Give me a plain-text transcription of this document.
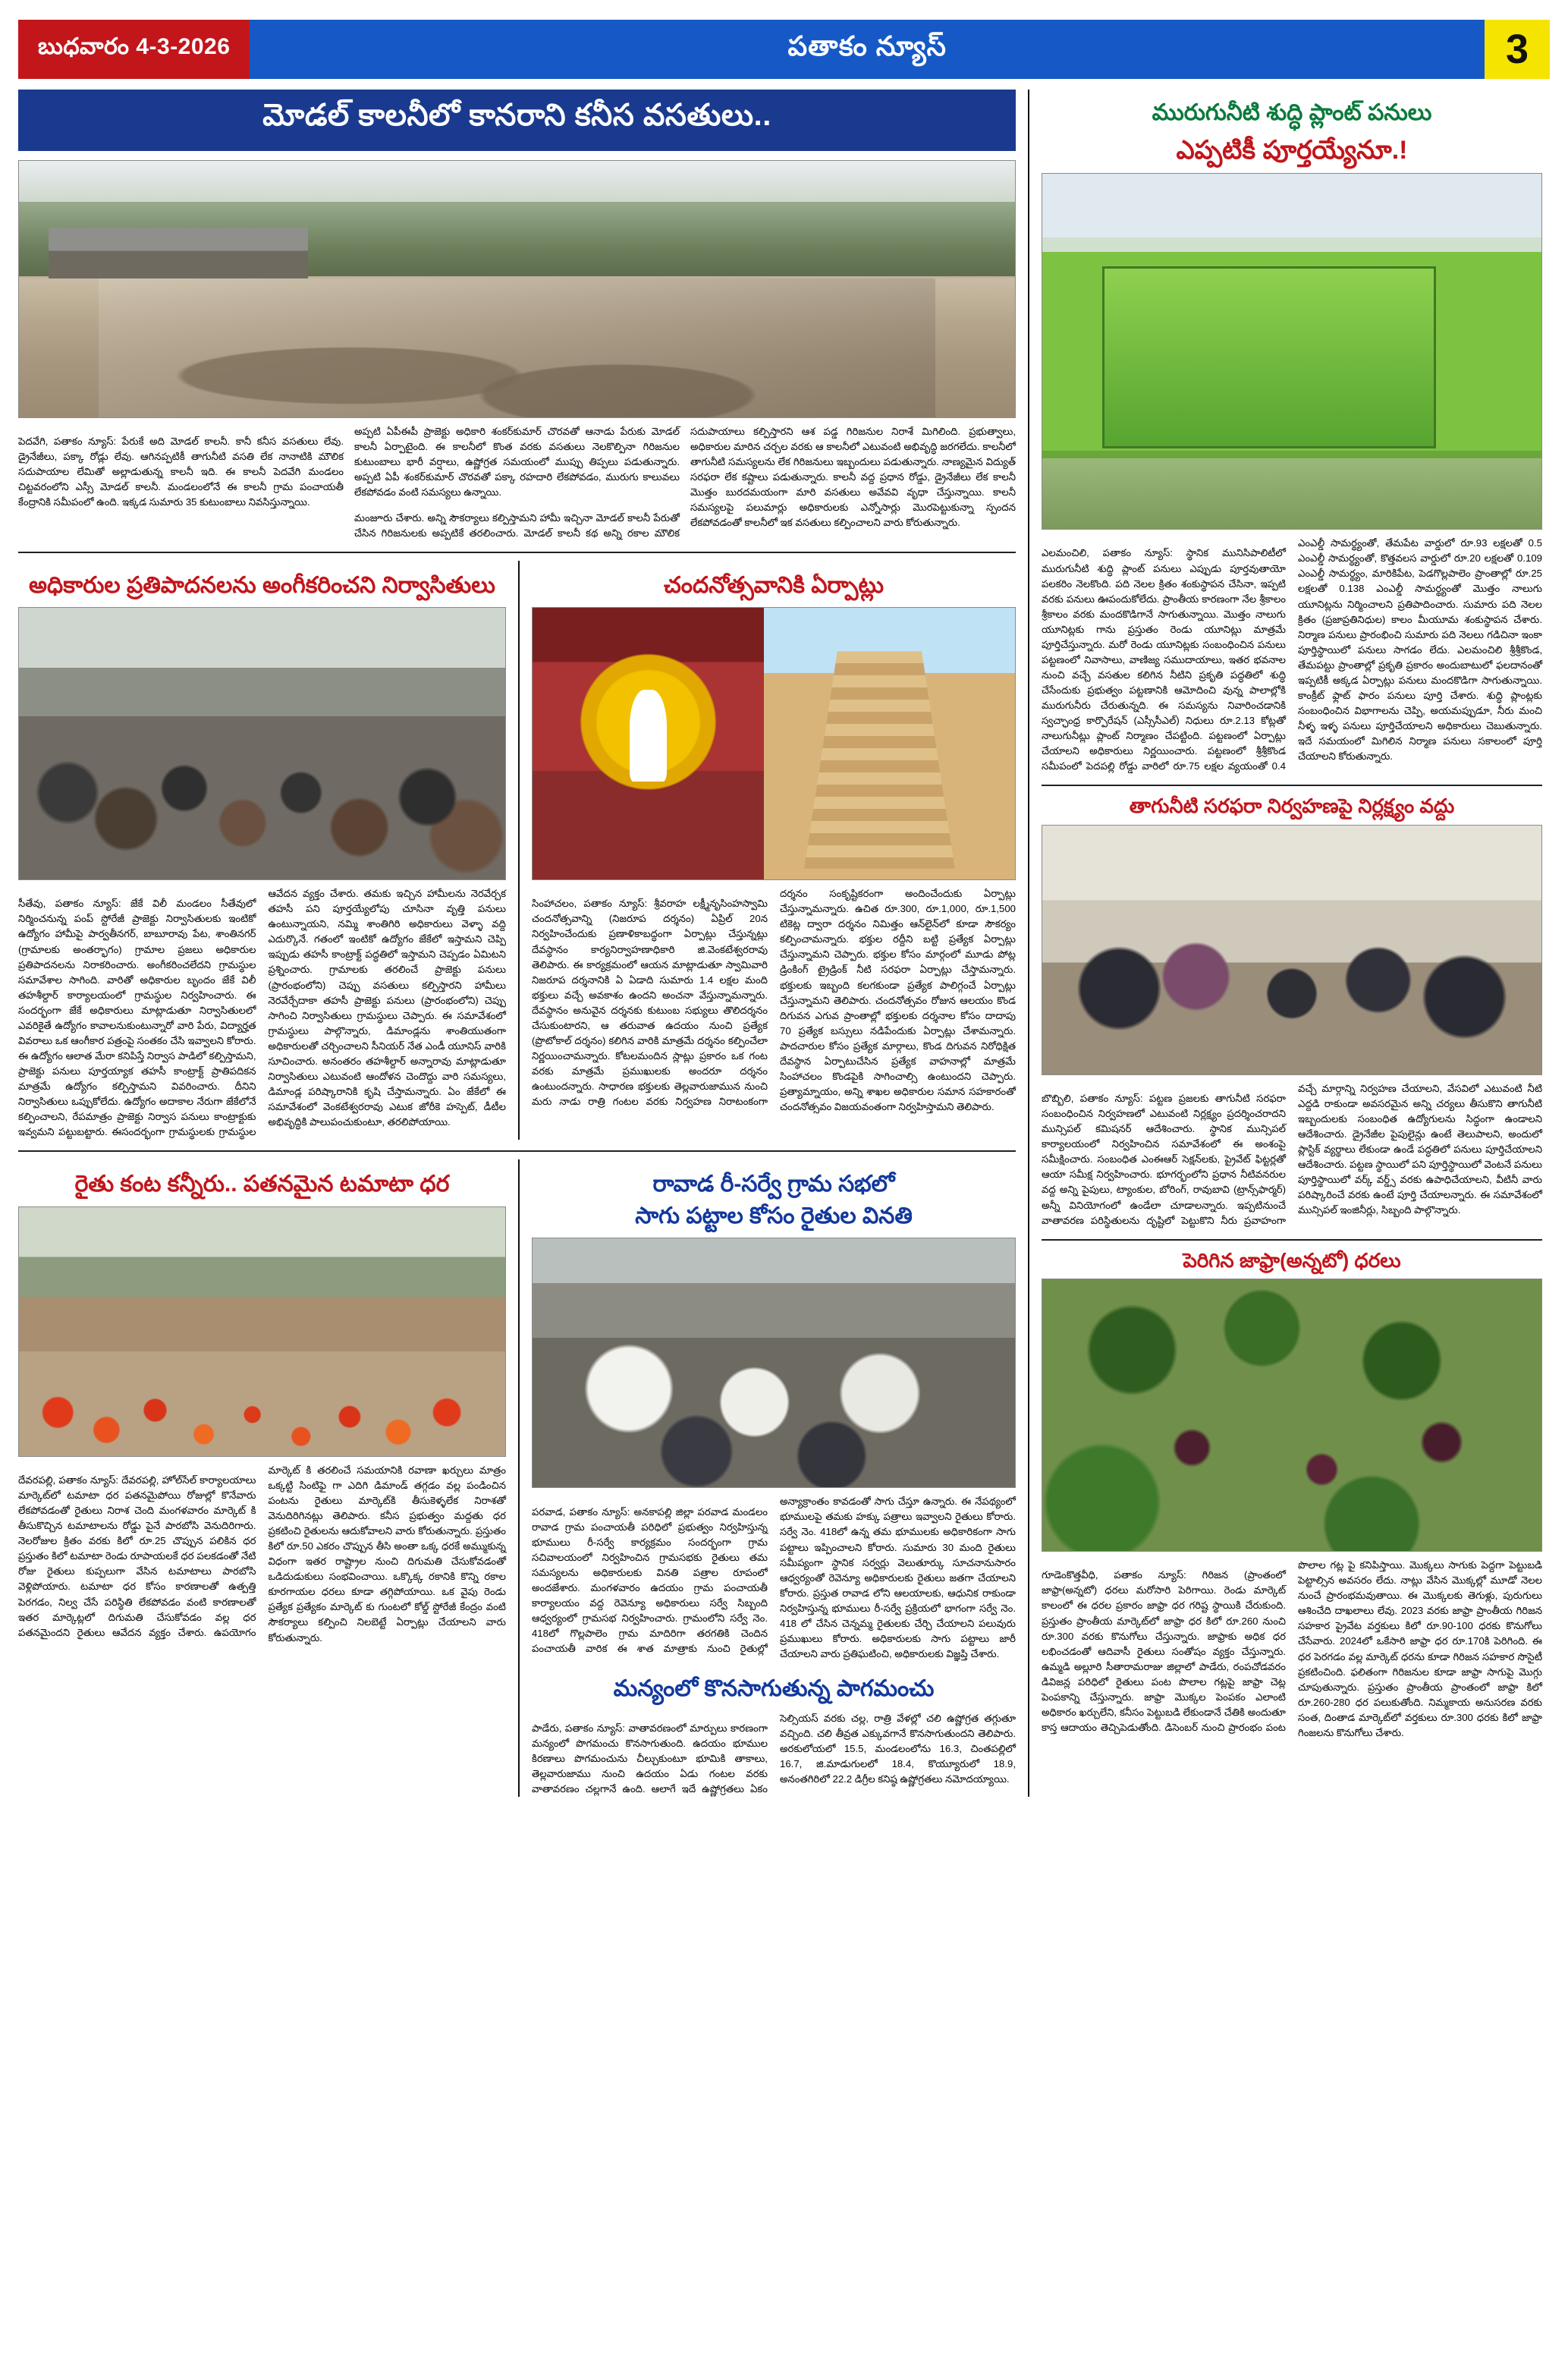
బుధవారం 4-3-2026	పతాకం న్యూస్	3
మోడల్ కాలనీలో కానరాని కనీస వసతులు..

పెదవేగి, పతాకం న్యూస్: పేరుకే అది మోడల్ కాలనీ. కానీ కనీస వసతులు లేవు. డ్రైనేజీలు, పక్కా రోడ్లు లేవు. ఆగినప్పటికీ తాగునీటి వసతి లేక నానాటికి మౌలిక సదుపాయాల లేమితో అల్లాడుతున్న కాలనీ ఇది. ఈ కాలనీ పెదవేగి మండలం చిట్టవరంలోని ఎస్సీ మోడల్ కాలనీ. మండలంలోనే ఈ కాలనీ గ్రామ పంచాయతీ కేంద్రానికి సమీపంలో ఉంది. ఇక్కడ సుమారు 35 కుటుంబాలు నివసిస్తున్నాయి.

అప్పటి ఏపీఈపీ ప్రాజెక్టు అధికారి శంకర్‌కుమార్ చొరవతో ఆనాడు పేరుకు మోడల్ కాలనీ ఏర్పాటైంది. ఈ కాలనీలో కొంత వరకు వసతులు నెలకొల్పినా గిరిజనుల కుటుంబాలు భారీ వర్షాలు, ఉష్ణోగ్రత సమయంలో ముప్పు తిప్పలు పడుతున్నారు. అప్పటి ఏపీ శంకర్‌కుమార్ చొరవతో పక్కా రహదారి లేకపోవడం, మురుగు కాలువలు లేకపోవడం వంటి సమస్యలు ఉన్నాయి.

మంజూరు చేశారు. అన్ని సౌకర్యాలు కల్పిస్తామని హామీ ఇచ్చినా మోడల్ కాలనీ పేరుతో చేసిన గిరిజనులకు అప్పటికే తరలించారు. మోడల్ కాలనీ కథ అన్ని రకాల మౌలిక సదుపాయాలు కల్పిస్తారని ఆశ పడ్డ గిరిజనుల నిరాశే మిగిలింది. ప్రభుత్వాలు, అధికారుల మారిన చర్చల వరకు ఆ కాలనీలో ఎటువంటి అభివృద్ధి జరగలేదు. కాలనీలో తాగునీటి సమస్యలను లేక గిరిజనులు ఇబ్బందులు పడుతున్నారు. నాణ్యమైన విద్యుత్ సరఫరా లేక కష్టాలు పడుతున్నారు. కాలనీ వద్ద ప్రధాన రోడ్డు, డ్రైనేజీలు లేక కాలనీ మొత్తం బురదమయంగా మారి వసతులు అవేవవి వృధా చేస్తున్నాయి. కాలనీ సమస్యలపై పలుమార్లు అధికారులకు ఎన్నోసార్లు మొరపెట్టుకున్నా స్పందన లేకపోవడంతో కాలనీలో ఇక వసతులు కల్పించాలని వారు కోరుతున్నారు.

అధికారుల ప్రతిపాదనలను అంగీకరించని నిర్వాసితులు

సీతేవు, పతాకం న్యూస్: జేకే విలీ మండలం సీతేవులో నిర్మించనున్న పంప్ స్టోరేజీ ప్రాజెక్టు నిర్వాసితులకు ఇంటికో ఉద్యోగం హామీపై పార్వతీనగర్, బాబూరావు పేట, శాంతినగర్ (గ్రామాలకు అంతర్భాగం) గ్రామాల ప్రజలు అధికారుల ప్రతిపాదనలను నిరాకరించారు. అంగీకరించలేదని గ్రామస్థుల సమావేశాల సాగింది. వారితో అధికారుల బృందం జేకే విలీ తహశీల్దార్ కార్యాలయంలో గ్రామస్థుల నిర్వహించారు. ఈ సందర్భంగా జేకే అధికారులు మాట్లాడుతూ నిర్వాసితులలో ఎవరికైతే ఉద్యోగం కావాలనుకుంటున్నారో వారి పేరు, విద్యార్హత వివరాలు ఒక ఆంగీకార పత్రంపై సంతకం చేసి ఇవ్వాలని కోరారు. ఈ ఉద్యోగం ఆలాత మేరా కనిపిస్తే నిర్వాస పాడిలో కల్పిస్తామని, ప్రాజెక్టు పనులు పూర్తయ్యాక తహసీ కాంట్రాక్ట్ ప్రాతిపదికన మాత్రమే ఉద్యోగం కల్పిస్తామని వివరించారు. దీనిని నిర్వాసితులు ఒప్పుకోలేదు. ఉద్యోగం అదాకాల నేరుగా జేకేలోనే కల్పించాలని, రేపమాత్రం ప్రాజెక్టు నిర్వాస పనులు కాంట్రాక్టుకు ఇవ్వమని పట్టుబట్టారు. ఈసందర్భంగా గ్రామస్థులకు గ్రామస్థుల ఆవేదన వ్యక్తం చేశారు. తమకు ఇచ్చిన హామీలను నెరవేర్చక తహసీ పని పూర్తయ్యేలోపు చూసినా వృత్తి పనులు ఉంటున్నాయని, నమ్మి శాంతిగిరి అధికారులు వెళ్ళా వద్ది ఎదుర్కొనే. గతంలో ఇంటికో ఉద్యోగం జేకేలో ఇస్తామని చెప్పి ఇప్పుడు తహసీ కాంట్రాక్ట్ పద్ధతిలో ఇస్తామని చెప్పడం ఏమిటని ప్రశ్నించారు. గ్రామాలకు తరలించే ప్రాజెక్టు పనులు (ప్రారంభంలోని) చెప్పు వసతులు కల్పిస్తారని హామీలు నెరవేర్చేదాకా తహసీ ప్రాజెక్టు పనులు (ప్రారంభంలోని) చెప్పు సాగించి నిర్వాసితులు గ్రామస్థులు చెప్పారు. ఈ సమావేశంలో గ్రామస్థులు పాల్గొన్నారు, డిమాండ్లను శాంతియుతంగా అధికారులతో చర్చించాలని సీనియర్ నేత ఎండీ యూనిస్ వారికి సూచించారు. అనంతరం తహశీల్దార్ అన్నారావు మాట్లాడుతూ నిర్వాసితులు ఎటువంటి ఆందోళన చెందొద్దు వారి సమస్యలు, డిమాండ్ల పరిష్కారానికి కృషి చేస్తామన్నారు. ఏం జేకేలో ఈ సమావేశంలో వెంకటేశ్వరరావు ఎటుక జోరీకె హస్పెట్, డీటీల అభివృద్ధికి పాలుపంచుకుంటూ, తరలిపోయాయి.

చందనోత్సవానికి ఏర్పాట్లు

సింహాచలం, పతాకం న్యూస్: శ్రీవరాహ లక్ష్మీనృసింహస్వామి చందనోత్సవాన్ని (నిజరూప దర్శనం) ఏప్రిల్ 20న నిర్వహించేందుకు ప్రణాళికాబద్ధంగా ఏర్పాట్లు చేస్తున్నట్లు దేవస్థానం కార్యనిర్వాహణాధికారి జి.వెంకటేశ్వరరావు తెలిపారు. ఈ కార్యక్రమంలో ఆయన మాట్లాడుతూ స్వామివారి నిజరూప దర్శనానికి ఏ ఏడాది సుమారు 1.4 లక్షల మంది భక్తులు వచ్చే అవకాశం ఉందని అంచనా వేస్తున్నామన్నారు. దేవస్థానం అనువైన దర్శనకు కుటుంబ సభ్యులు తొలిదర్శనం చేసుకుంటారని, ఆ తరువాత ఉదయం నుంచి ప్రత్యేక (ప్రొటోకాల్ దర్శనం) కలిగిన వారికి మాత్రమే దర్శనం కల్పించేలా నిర్ణయించామన్నారు. కోటలమందిన స్లాట్లు ప్రకారం ఒక గంట వరకు మాత్రమే ప్రముఖులకు అందరూ దర్శనం ఉంటుందన్నారు. సాధారణ భక్తులకు తెల్లవారుజామున నుంచి మరు నాడు రాత్రి గంటల వరకు నిర్వహణ నిరాటంకంగా దర్శనం సంకృష్టికరంగా అందించేందుకు ఏర్పాట్లు చేస్తున్నామన్నారు. ఉచిత రూ.300, రూ.1,000, రూ.1,500 టికెట్ల ద్వారా దర్శనం నిమిత్తం ఆన్‌లైన్‌లో కూడా సౌకర్యం కల్పించామన్నారు. భక్తుల రద్దీని బట్టి ప్రత్యేక ఏర్పాట్లు చేస్తున్నామని చెప్పారు. భక్తుల కోసం మార్గంలో మూడు పోట్ల డ్రింకింగ్ ట్రైడ్రింక్ నీటి సరఫరా ఏర్పాట్లు చేస్తామన్నారు. భక్తులకు ఇబ్బంది కలగకుండా ప్రత్యేక పాలిగ్గంచే ఏర్పాట్లు చేస్తున్నామని తెలిపారు. చందనోత్సవం రోజున ఆలయం కొండ దిగువన ఎగువ ప్రాంతాల్లో భక్తులకు దర్శనాల కోసం దాదాపు 70 ప్రత్యేక బస్సులు నడిపేందుకు ఏర్పాట్లు చేశామన్నారు. పాదచారుల కోసం ప్రత్యేక మార్గాలు, కొండ దిగువన నిరోధిక్షిత దేవస్థాన ఏర్పాటుచేసిన ప్రత్యేక వాహనాల్లో మాత్రమే సింహాచలం కొండపైకి సాగించాల్సి ఉంటుందని చెప్పారు. ప్రత్యామ్నాయం, అన్ని శాఖల అధికారుల సమాన సహకారంతో చందనోత్సవం విజయవంతంగా నిర్వహిస్తామని తెలిపారు.

రైతు కంట కన్నీరు.. పతనమైన టమాటా ధర

దేవరపల్లి, పతాకం న్యూస్: దేవరపల్లి, హోల్‌సేల్ కార్యాలయాలు మార్కెట్‌లో టమాటా ధర పతనమైపోయి రోజుల్లో కొనేవారు లేకపోవడంతో రైతులు నిరాశ చెంది మంగళవారం మార్కెట్ కి తీసుకొచ్చిన టమాటాలను రోడ్డు పైనే పారబోసి వెనుదిరిగారు. నెలరోజుల క్రితం వరకు కిలో రూ.25 చొప్పున పలికిన ధర ప్రస్తుతం కిలో టమాటా రెండు రూపాయలకే ధర పలకడంతో నేటి రోజు రైతులు కుప్పలుగా వేసిన టమాటాలు పారబోసి వెళ్లిపోయారు. టమాటా ధర కోసం కారణాలతో ఉత్పత్తి పెరగడం, నిల్వ చేసే పరిస్థితి లేకపోవడం వంటి కారణాలతో ఇతర మార్కెట్లలో దిగుమతి చేసుకోవడం వల్ల ధర పతనమైందని రైతులు ఆవేదన వ్యక్తం చేశారు. ఉపయోగం మార్కెట్ కి తరలించే సమయానికి రవాణా ఖర్చులు మాత్రం ఒక్కట్టి సింటిఫై గా ఎదిగి డిమాండ్ తగ్గడం వల్ల పండించిన పంటను రైతులు మార్కెట్‌కి తీసుకెళ్ళలేక నిరాశతో వెనుదిరిగినట్లు తెలిపారు. కనీస ప్రభుత్వం మద్దతు ధర ప్రకటించి రైతులను ఆదుకోవాలని వారు కోరుతున్నారు. ప్రస్తుతం కిలో రూ.50 ఎకరం చొప్పున తీసి అంతా ఒక్క ధరకే అమ్ముకున్న విధంగా ఇతర రాష్ట్రాల నుంచి దిగుమతి చేసుకోవడంతో ఒడిదుడుకులు సంభవించాయి. ఒక్కొక్క రకానికి కొన్ని రకాల కూరగాయల ధరలు కూడా తగ్గిపోయాయి. ఒక వైపు రెండు ప్రత్యేక ప్రత్యేకం మార్కెట్ కు గుంటలో కోల్డ్ స్టోరేజీ కేంద్రం వంటి సౌకర్యాలు కల్పించి నిలబెట్టే ఏర్పాట్లు చేయాలని వారు కోరుతున్నారు.

రావాడ రీ-సర్వే గ్రామ సభలో
సాగు పట్టాల కోసం రైతుల వినతి

పరవాడ, పతాకం న్యూస్: అనకాపల్లి జిల్లా పరవాడ మండలం రావాడ గ్రామ పంచాయతీ పరిధిలో ప్రభుత్వం నిర్వహిస్తున్న భూములు రీ-సర్వే కార్యక్రమం సందర్భంగా గ్రామ సచివాలయంలో నిర్వహించిన గ్రామసభకు రైతులు తమ సమస్యలను అధికారులకు వినతి పత్రాల రూపంలో అందజేశారు. మంగళవారం ఉదయం గ్రామ పంచాయతీ కార్యాలయం వద్ద రెవెన్యూ అధికారులు సర్వే సిబ్బంది ఆధ్వర్యంలో గ్రామసభ నిర్వహించారు. గ్రామంలోని సర్వే నెం. 418లో గొల్లపాలెం గ్రామ మాదిరిగా తరగతికి చెందిన పంచాయతీ వారిక ఈ శాత మాత్రాకు నుంచి రైతుల్లో అన్యాక్రాంతం కావడంతో సాగు చేస్తూ ఉన్నారు. ఈ నేపథ్యంలో భూములపై తమకు హక్కు పత్రాలు ఇవ్వాలని రైతులు కోరారు. సర్వే నెం. 418లో ఉన్న తమ భూములకు అధికారికంగా సాగు పట్టాలు ఇప్పించాలని కోరారు. సుమారు 30 మంది రైతులు సమీప్యంగా స్థానిక సర్వర్లు వెలుతూర్కు సూచనానుసారం ఆధ్వర్యంతో రెవెన్యూ అధికారులకు రైతులు జతగా చేయాలని కోరారు. ప్రస్తుత రావాడ లోని ఆలయాలకు, ఆధునిక రాకుండా నిర్వహిస్తున్న భూములు రీ-సర్వే ప్రక్రియలో భాగంగా సర్వే నెం. 418 లో చేసిన చెన్నమ్మ రైతులకు చేర్చి చేయాలని పలువురు ప్రముఖులు కోరారు. అధికారులకు సాగు పట్టాలు జారీ చేయాలని వారు ప్రతిఘటించి, అధికారులకు విజ్ఞప్తి చేశారు.

మన్యంలో కొనసాగుతున్న పాగమంచు

పాడేరు, పతాకం న్యూస్: వాతావరణంలో మార్పులు కారణంగా మన్యంలో పొగమంచు కొనసాగుతుంది. ఉదయం భూముల కిరణాలు పొగమంచును చీల్చుకుంటూ భూమికి తాకాలు, తెల్లవారుజాము నుంచి ఉదయం ఏడు గంటల వరకు వాతావరణం చల్లగానే ఉంది. ఆలాగే ఇదే ఉష్ణోగ్రతలు ఏకం సెల్సియస్ వరకు చల్ల, రాత్రి వేళల్లో చలి ఉష్ణోగ్రత తగ్గుతూ వచ్చింది. చలి తీవ్రత ఎక్కువగానే కొనసాగుతుందని తెలిపారు. అరకులోయలో 15.5, మండలంలోను 16.3, చింతపల్లిలో 16.7, జి.మాడుగులలో 18.4, కొయ్యూరులో 18.9, అనంతగిరిలో 22.2 డిగ్రీల కనిష్ఠ ఉష్ణోగ్రతలు నమోదయ్యాయి.

మురుగునీటి శుద్ధి ప్లాంట్ పనులు
ఎప్పటికీ పూర్తయ్యేనూ.!

ఎలమంచిలి, పతాకం న్యూస్: స్థానిక మునిసిపాలిటీలో మురుగునీటి శుద్ధి ప్లాంట్ పనులు ఎప్పుడు పూర్తవుతాయో పలకరిం నెలకొంది. పది నెలల క్రితం శంకుస్థాపన చేసినా, ఇప్పటి వరకు పనులు ఊపందుకోలేదు. ప్రాంతీయ కారణంగా నేల శ్రీకాలం శ్రీకాలం వరకు మందకొడిగానే సాగుతున్నాయి. మొత్తం నాలుగు యూనిట్లకు గాను ప్రస్తుతం రెండు యూనిట్లు మాత్రమే పూర్తిచేస్తున్నారు. మరో రెండు యూనిట్లకు సంబంధించిన పనులు పట్టణంలో నివాసాలు, వాణిజ్య సముదాయాలు, ఇతర భవనాల నుంచి వచ్చే వసతుల కలిగిన నీటిని ప్రకృతి పద్ధతిలో శుద్ధి చేసేందుకు ప్రభుత్వం పట్టణానికి ఆమోదించి వున్న పాలాల్లోకి మురుగునీరు చేరుతున్నది. ఈ సమస్యను నివారించడానికి స్వచ్ఛాంధ్ర కార్పొరేషన్ (ఎస్సీసీఎల్) నిధులు రూ.2.13 కోట్లతో నాలుగునీట్లు ప్లాంట్ నిర్మాణం చేపట్టింది. పట్టణంలో ఏర్పాట్లు చేయాలని అధికారులు నిర్ణయించారు. పట్టణంలో శ్రీశ్రీకొండ సమీపంలో పెదపల్లి రోడ్డు వారిలో రూ.75 లక్షల వ్యయంతో 0.4 ఎంఎల్డీ సామర్థ్యంతో, తేమపేట వార్డులో రూ.93 లక్షలతో 0.5 ఎంఎల్డీ సామర్థ్యంతో, కొత్తవలస వార్డులో రూ.20 లక్షలతో 0.109 ఎంఎల్డీ సామర్థ్యం, మారికిపేట, పెడగొల్లపాలెం ప్రాంతాల్లో రూ.25 లక్షలతో 0.138 ఎంఎల్డీ సామర్థ్యంతో మొత్తం నాలుగు యూనిట్లను నిర్మించాలని ప్రతిపాదించారు. సుమారు పది నెలల క్రితం (ప్రజాప్రతినిధుల) కాలం మీయూమ శంకుస్థాపన చేశారు. నిర్మాణ పనులు ప్రారంభించి సుమారు పది నెలలు గడిచినా ఇంకా పూర్తిస్థాయిలో పనులు సాగడం లేదు. ఎలమంచిలి శ్రీశ్రీకొండ, తేమపట్టు ప్రాంతాల్లో ప్రకృతి ప్రకారం అందుబాటులో ఫలదానంతో ఇప్పటికీ అక్కడ ఏర్పాట్లు పనులు మందకొడిగా సాగుతున్నాయి. కాంక్రీట్ ఫ్లాట్ ఫారం పనులు పూర్తి చేశారు. శుద్ధి ప్లాంట్లకు సంబంధించిన విభాగాలను చెప్పి, అయమప్పుడూ, నీరు మంచి నీళ్ళ ఇళ్ళ పనులు పూర్తిచేయాలని అధికారులు చెబుతున్నారు. ఇదే సమయంలో మిగిలిన నిర్మాణ పనులు సకాలంలో పూర్తి చేయాలని కోరుతున్నారు.

తాగునీటి సరఫరా నిర్వహణపై నిర్లక్ష్యం వద్దు

బొబ్బిలి, పతాకం న్యూస్: పట్టణ ప్రజలకు తాగునీటి సరఫరా సంబంధించిన నిర్వహణలో ఎటువంటి నిర్లక్ష్యం ప్రదర్శించరాదని మున్సిపల్ కమిషనర్ ఆదేశించారు. స్థానిక మున్సిపల్ కార్యాలయంలో నిర్వహించిన సమావేశంలో ఈ అంశంపై సమీక్షించారు. సంబంధిత ఎంఈఆర్ సెక్షన్‌లకు, ప్రైవేట్ ఫిట్టర్లతో ఆయా సమీక్ష నిర్వహించారు. భూగర్భంలోని ప్రధాన నీటివనరుల వద్ద అన్ని పైపులు, ట్యాంకుల, బోరింగ్, రావుబావి (ట్రాన్స్‌ఫార్మర్) అన్నీ వినియోగంలో ఉండేలా చూడాలన్నారు. ఇప్పటినుంచే వాతావరణ పరిస్థితులను దృష్టిలో పెట్టుకొని నీరు ప్రవాహంగా వచ్చే మార్గాన్ని నిర్వహణ చేయాలని, వేసవిలో ఎటువంటి నీటి ఎద్దడి రాకుండా అవసరమైన అన్ని చర్యలు తీసుకొని తాగునీటి ఇబ్బందులకు సంబంధిత ఉద్యోగులను సిద్ధంగా ఉండాలని ఆదేశించారు. డ్రైనేజీల పైపులైన్లు ఉంటే తెలుపాలని, అందులో ప్లాస్టిక్ వ్యర్థాలు లేకుండా ఉండే పద్ధతిలో పనులు పూర్తిచేయాలని ఆదేశించారు. పట్టణ స్థాయిలో పని పూర్తిస్థాయిలో వెంటనే పనులు పూర్తిస్థాయిలో వర్క్ వర్డ్స్ వరకు ఉపాధిచేయాలని, వీటినీ వారు పరిష్కారించే వరకు ఉంటే పూర్తి చేయాలన్నారు. ఈ సమావేశంలో మున్సిపల్ ఇంజినీర్లు, సిబ్బంది పాల్గొన్నారు.

పెరిగిన జాఫ్రా(అన్నటో) ధరలు

గూడెంకొత్తవీధి, పతాకం న్యూస్: గిరిజన (ప్రాంతంలో జాఫ్రా(అన్నటో) ధరలు మరోసారి పెరిగాయి. రెండు మార్కెట్ కాలంలో ఈ ధరల ప్రకారం జాఫ్రా ధర గరిష్ట స్థాయికి చేరుకుంది. ప్రస్తుతం ప్రాంతీయ మార్కెట్‌లో జాఫ్రా ధర కిలో రూ.260 నుంచి రూ.300 వరకు కొనుగోలు చేస్తున్నారు. జాఫ్రాకు అధిక ధర లభించడంతో ఆదివాసీ రైతులు సంతోషం వ్యక్తం చేస్తున్నారు. ఉమ్మడి అల్లూరి సీతారామరాజు జిల్లాలో పాడేరు, రంపచోడవరం డివిజన్ల పరిధిలో రైతులు పంట పొలాల గట్లపై జాఫ్రా చెట్ల పెంపకాన్ని చేస్తున్నారు. జాఫ్రా మొక్కల పెంపకం ఎలాంటి అధికారం ఖర్చులేని, కనీసం పెట్టుబడి లేకుండానే చేతికి అందుతూ కాస్త ఆదాయం తెచ్చిపెడుతోంది. డిసెంబర్ నుంచి ప్రారంభం పంట పొలాల గట్ల పై కనిపిస్తాయి. మొక్కలు సాగుకు పెద్దగా పెట్టుబడి పెట్టాల్సిన అవసరం లేదు. నాట్లు వేసిన మొక్కల్లో మూడో నెలల నుంచే ప్రారంభమవుతాయి. ఈ మొక్కలకు తెగుళ్లు, పురుగులు ఆశించేది దాఖలాలు లేవు. 2023 వరకు జాఫ్రా ప్రాంతీయ గిరిజన సహకార ప్రైవేట వర్తకులు కిలో రూ.90-100 ధరకు కొనుగోలు చేసేవారు. 2024లో ఒకేసారి జాఫ్రా ధర రూ.170కి పెరిగింది. ఈ ధర పెరగడం వల్ల మార్కెట్ ధరను కూడా గిరిజన సహకార సొసైటీ ప్రకటించింది. ఫలితంగా గిరిజనుల కూడా జాఫ్రా సాగుపై మొగ్గు చూపుతున్నారు. ప్రస్తుతం ప్రాంతీయ ప్రాంతంలో జాఫ్రా కిలో రూ.260-280 ధర పలుకుతోంది. నిమ్మకాయ అనుసరణ వరకు సంత, దింతాడ మార్కెట్‌లో వర్తకులు రూ.300 ధరకు కిలో జాఫ్రా గింజలను కొనుగోలు చేశారు.
